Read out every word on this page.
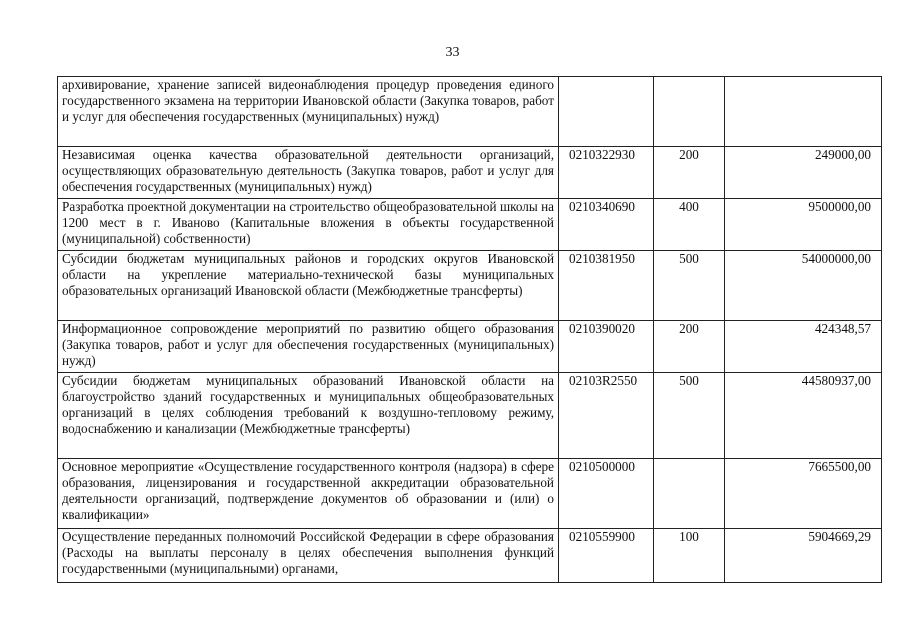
33
архивирование, хранение записей видеонаблюдения процедур проведения единого государственного экзамена на территории Ивановской области (Закупка товаров, работ и услуг для обеспечения государственных (муниципальных) нужд)			
Независимая оценка качества образовательной деятельности организаций, осуществляющих образовательную деятельность (Закупка товаров, работ и услуг для обеспечения государственных (муниципальных) нужд)	0210322930	200	249000,00
Разработка проектной документации на строительство общеобразовательной школы на 1200 мест в г. Иваново (Капитальные вложения в объекты государственной (муниципальной) собственности)	0210340690	400	9500000,00
Субсидии бюджетам муниципальных районов и городских округов Ивановской области на укрепление материально-технической базы муниципальных образовательных организаций Ивановской области (Межбюджетные трансферты)	0210381950	500	54000000,00
Информационное сопровождение мероприятий по развитию общего образования (Закупка товаров, работ и услуг для обеспечения государственных (муниципальных) нужд)	0210390020	200	424348,57
Субсидии бюджетам муниципальных образований Ивановской области на благоустройство зданий государственных и муниципальных общеобразовательных организаций в целях соблюдения требований к воздушно-тепловому режиму, водоснабжению и канализации (Межбюджетные трансферты)	02103R2550	500	44580937,00
Основное мероприятие «Осуществление государственного контроля (надзора) в сфере образования, лицензирования и государственной аккредитации образовательной деятельности организаций, подтверждение документов об образовании и (или) о квалификации»	0210500000		7665500,00
Осуществление переданных полномочий Российской Федерации в сфере образования (Расходы на выплаты персоналу в целях обеспечения выполнения функций государственными (муниципальными) органами,	0210559900	100	5904669,29
